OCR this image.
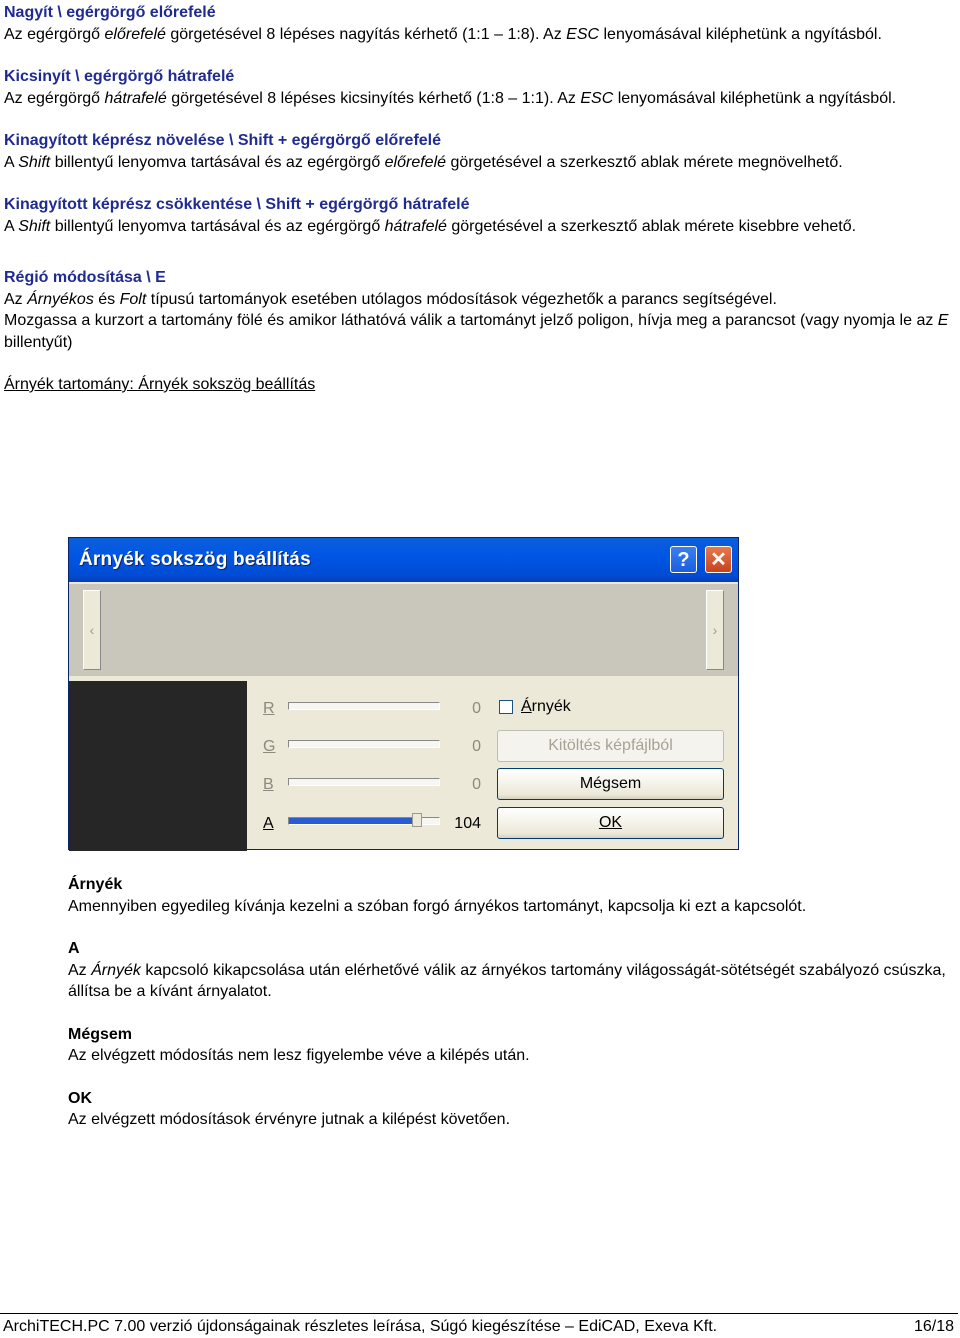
Nagyít \ egérgörgő előrefelé
Az egérgörgő előrefelé görgetésével 8 lépéses nagyítás kérhető (1:1 – 1:8). Az ESC lenyomásával kiléphetünk a ngyításból.
Kicsinyít \ egérgörgő hátrafelé
Az egérgörgő hátrafelé görgetésével 8 lépéses kicsinyítés kérhető (1:8 – 1:1). Az ESC lenyomásával kiléphetünk a ngyításból.
Kinagyított képrész növelése \ Shift + egérgörgő előrefelé
A Shift billentyű lenyomva tartásával és az egérgörgő előrefelé görgetésével a szerkesztő ablak mérete megnövelhető.
Kinagyított képrész csökkentése \ Shift + egérgörgő hátrafelé
A Shift billentyű lenyomva tartásával és az egérgörgő hátrafelé görgetésével a szerkesztő ablak mérete kisebbre vehető.
Régió módosítása \ E
Az Árnyékos és Folt típusú tartományok esetében utólagos módosítások végezhetők a parancs segítségével.
Mozgassa a kurzort a tartomány fölé és amikor láthatóvá válik a tartományt jelző poligon, hívja meg a parancsot (vagy nyomja le az E billentyűt)
Árnyék tartomány: Árnyék sokszög beállítás
Árnyék sokszög beállítás	?	✕
‹	›
R	0
G	0
B	0
A	104
Árnyék
Kitöltés képfájlból
Mégsem
OK
Árnyék
Amennyiben egyedileg kívánja kezelni a szóban forgó árnyékos tartományt, kapcsolja ki ezt a kapcsolót.
A
Az Árnyék kapcsoló kikapcsolása után elérhetővé válik az árnyékos tartomány világosságát-sötétségét szabályozó csúszka, állítsa be a kívánt árnyalatot.
Mégsem
Az elvégzett módosítás nem lesz figyelembe véve a kilépés után.
OK
Az elvégzett módosítások érvényre jutnak a kilépést követően.
ArchiTECH.PC 7.00 verzió újdonságainak részletes leírása, Súgó kiegészítése – EdiCAD, Exeva Kft.	16/18
